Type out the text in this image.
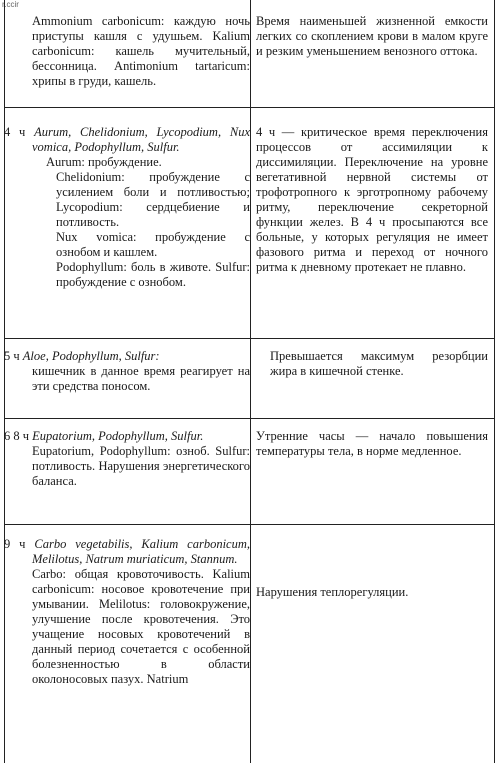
r.ccir

Ammonium carbonicum: каждую ночь приступы кашля с удушьем. Kalium carbonicum: кашель мучительный, бессонница. Antimonium tartaricum: хрипы в груди, кашель.

Время наименьшей жизненной емкости легких со скоплением крови в малом круге и резким уменьшением венозного оттока.

4 ч Aurum, Chelidonium, Lycopodium, Nux vomica, Podophyllum, Sulfur.

Aurum: пробуждение.

Chelidonium: пробуждение с усилением боли и потливостью; Lycopodium: сердцебиение и потливость.

Nux vomica: пробуждение с ознобом и кашлем.

Podophyllum: боль в животе. Sulfur: пробуждение с ознобом.

4 ч — критическое время переключения процессов от ассимиляции к диссимиляции. Переключение на уровне вегетативной нервной системы от трофотропного к эрготропному рабочему ритму, переключение секреторной функции желез. В 4 ч просыпаются все больные, у которых регуляция не имеет фазового ритма и переход от ночного ритма к дневному протекает не плавно.

5 ч Aloe, Podophyllum, Sulfur:

кишечник в данное время реагирует на эти средства поносом.

Превышается максимум резорбции жира в кишечной стенке.

6 8 ч Eupatorium, Podophyllum, Sulfur.

Eupatorium, Podophyllum: озноб. Sulfur: потливость. Нарушения энергетического баланса.

Утренние часы — начало повышения температуры тела, в норме медленное.

9 ч Carbo vegetabilis, Kalium carbonicum, Melilotus, Natrum muriaticum, Stannum.

Carbo: общая кровоточивость. Kalium carbonicum: носовое кровотечение при умывании. Melilotus: головокружение, улучшение после кровотечения. Это учащение носовых кровотечений в данный период сочетается с особенной болезненностью в области околоносовых пазух. Natrium

Нарушения теплорегуляции.
